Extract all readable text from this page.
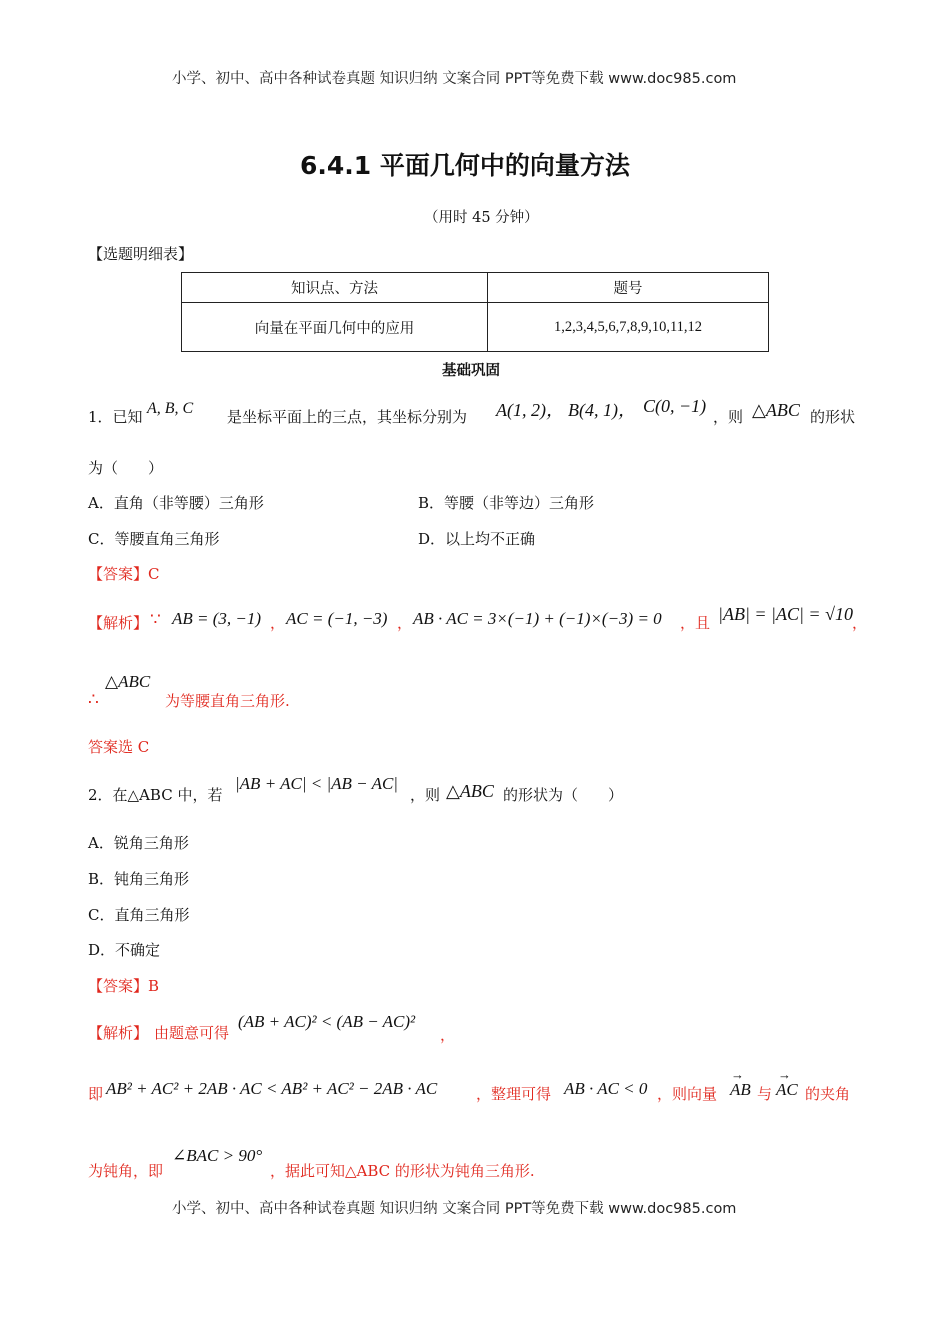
小学、初中、高中各种试卷真题 知识归纳 文案合同 PPT等免费下载 www.doc985.com
6.4.1 平面几何中的向量方法
（用时 45 分钟）
【选题明细表】
知识点、方法	题号
向量在平面几何中的应用	1,2,3,4,5,6,7,8,9,10,11,12
基础巩固
1．已知 A, B, C 是坐标平面上的三点，其坐标分别为 A(1, 2)， B(4, 1)， C(0, −1)
，则 △ABC 的形状
为（　　）
A．直角（非等腰）三角形	B．等腰（非等边）三角形
C．等腰直角三角形	D．以上均不正确
【答案】C
【解析】 ∵ AB = (3, −1) ， AC = (−1, −3) ， AB · AC = 3×(−1) + (−1)×(−3) = 0 ，且 |AB| = |AC| = √10 ，
∴
△ABC
为等腰直角三角形.
答案选 C
2．在△ABC 中，若
|AB + AC| < |AB − AC|
，则 △ABC 的形状为（　　）
A．锐角三角形
B．钝角三角形
C．直角三角形
D．不确定
【答案】B
【解析】 由题意可得
(AB + AC)² < (AB − AC)²
，
即 AB² + AC² + 2AB · AC < AB² + AC² − 2AB · AC	，整理可得 AB · AC < 0 ，则向量
→
AB 与
→
AC 的夹角
为钝角，即
∠BAC > 90°
，据此可知△ABC 的形状为钝角三角形.
小学、初中、高中各种试卷真题 知识归纳 文案合同 PPT等免费下载 www.doc985.com
